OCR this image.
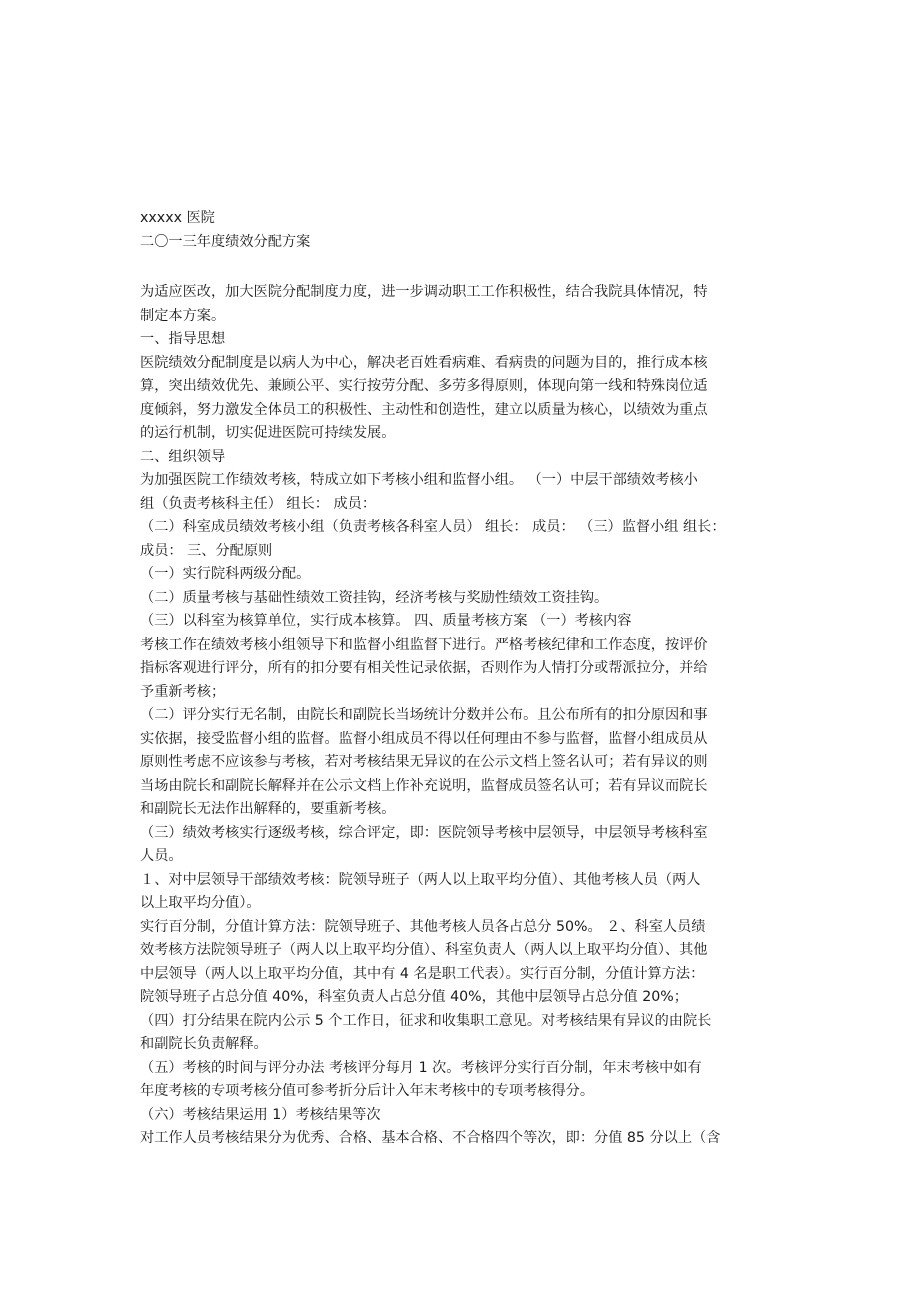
xxxxx 医院
二〇一三年度绩效分配方案
为适应医改，加大医院分配制度力度，进一步调动职工工作积极性，结合我院具体情况，特
制定本方案。
一、指导思想
医院绩效分配制度是以病人为中心，解决老百姓看病难、看病贵的问题为目的，推行成本核
算，突出绩效优先、兼顾公平、实行按劳分配、多劳多得原则，体现向第一线和特殊岗位适
度倾斜，努力激发全体员工的积极性、主动性和创造性，建立以质量为核心，以绩效为重点
的运行机制，切实促进医院可持续发展。
二、组织领导
为加强医院工作绩效考核，特成立如下考核小组和监督小组。 （一）中层干部绩效考核小
组（负责考核科主任） 组长： 成员：
（二）科室成员绩效考核小组（负责考核各科室人员） 组长： 成员： （三）监督小组 组长：
成员： 三、分配原则
（一）实行院科两级分配。
（二）质量考核与基础性绩效工资挂钩，经济考核与奖励性绩效工资挂钩。
（三）以科室为核算单位，实行成本核算。 四、质量考核方案 （一）考核内容
考核工作在绩效考核小组领导下和监督小组监督下进行。严格考核纪律和工作态度，按评价
指标客观进行评分，所有的扣分要有相关性记录依据，否则作为人情打分或帮派拉分，并给
予重新考核；
（二）评分实行无名制，由院长和副院长当场统计分数并公布。且公布所有的扣分原因和事
实依据，接受监督小组的监督。监督小组成员不得以任何理由不参与监督，监督小组成员从
原则性考虑不应该参与考核，若对考核结果无异议的在公示文档上签名认可；若有异议的则
当场由院长和副院长解释并在公示文档上作补充说明，监督成员签名认可；若有异议而院长
和副院长无法作出解释的，要重新考核。
（三）绩效考核实行逐级考核，综合评定，即：医院领导考核中层领导，中层领导考核科室
人员。
１、对中层领导干部绩效考核：院领导班子（两人以上取平均分值）、其他考核人员（两人
以上取平均分值）。
实行百分制，分值计算方法：院领导班子、其他考核人员各占总分 50%。 ２、科室人员绩
效考核方法院领导班子（两人以上取平均分值）、科室负责人（两人以上取平均分值）、其他
中层领导（两人以上取平均分值，其中有 4 名是职工代表）。实行百分制，分值计算方法：
院领导班子占总分值 40%，科室负责人占总分值 40%，其他中层领导占总分值 20%；
（四）打分结果在院内公示 5 个工作日，征求和收集职工意见。对考核结果有异议的由院长
和副院长负责解释。
（五）考核的时间与评分办法 考核评分每月 1 次。考核评分实行百分制，年末考核中如有
年度考核的专项考核分值可参考折分后计入年末考核中的专项考核得分。
（六）考核结果运用 1）考核结果等次
对工作人员考核结果分为优秀、合格、基本合格、不合格四个等次，即：分值 85 分以上（含
